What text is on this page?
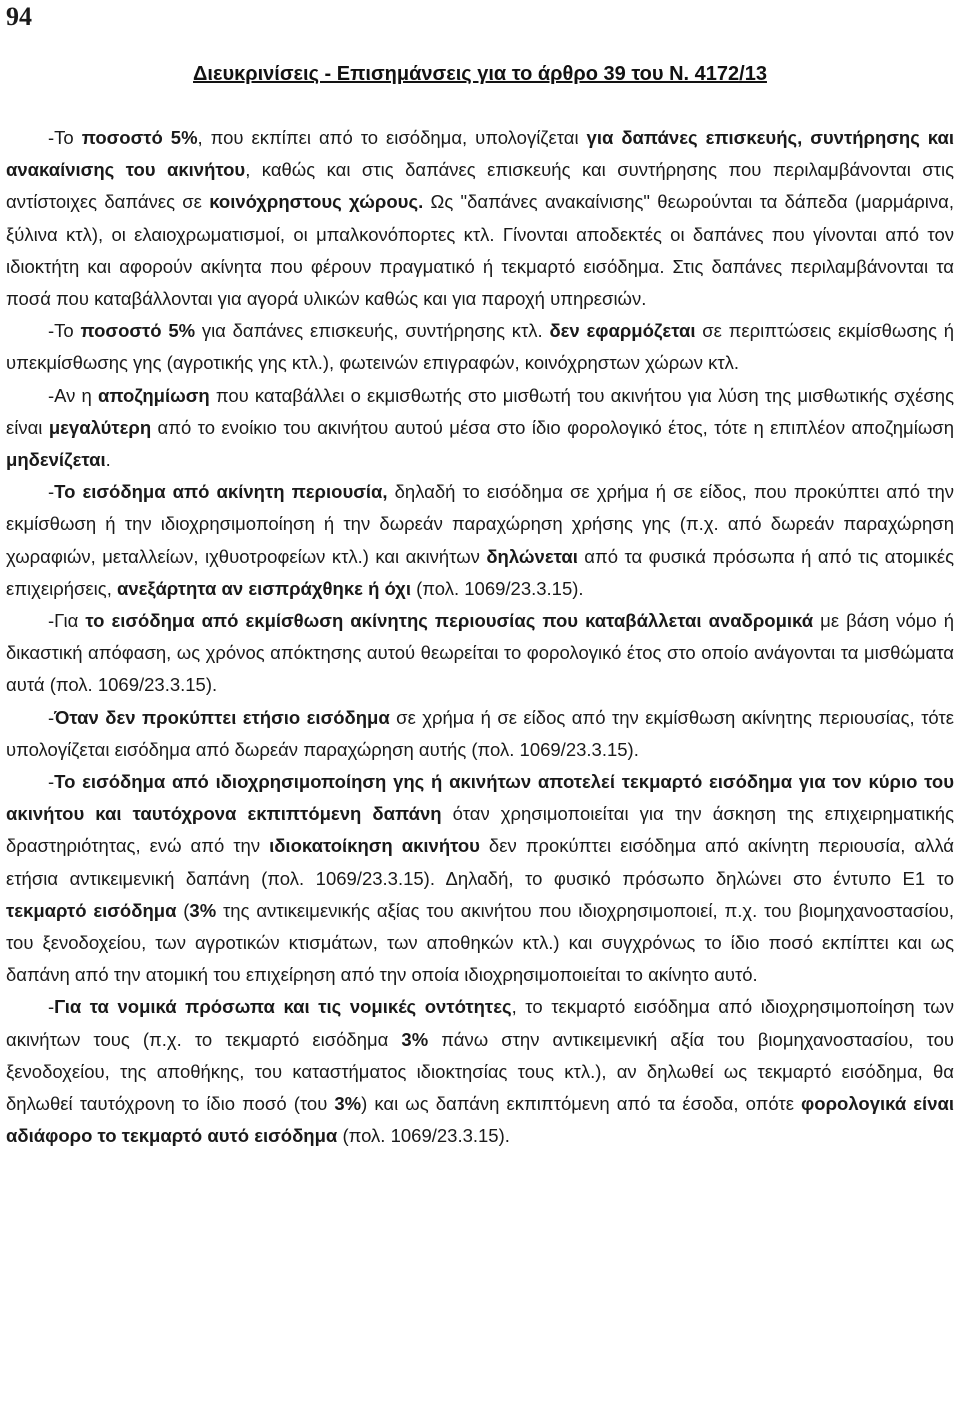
94
Διευκρινίσεις - Επισημάνσεις για το άρθρο 39 του Ν. 4172/13

-Το ποσοστό 5%, που εκπίπει από το εισόδημα, υπολογίζεται για δαπάνες επισκευής, συντήρησης και ανακαίνισης του ακινήτου, καθώς και στις δαπάνες επισκευής και συντήρησης που περιλαμβάνονται στις αντίστοιχες δαπάνες σε κοινόχρηστους χώρους. Ως "δαπάνες ανακαίνισης" θεωρούνται τα δάπεδα (μαρμάρινα, ξύλινα κτλ), οι ελαιοχρωματισμοί, οι μπαλκονόπορτες κτλ. Γίνονται αποδεκτές οι δαπάνες που γίνονται από τον ιδιοκτήτη και αφορούν ακίνητα που φέρουν πραγματικό ή τεκμαρτό εισόδημα. Στις δαπάνες περιλαμβάνονται τα ποσά που καταβάλλονται για αγορά υλικών καθώς και για παροχή υπηρεσιών.

-Το ποσοστό 5% για δαπάνες επισκευής, συντήρησης κτλ. δεν εφαρμόζεται σε περιπτώσεις εκμίσθωσης ή υπεκμίσθωσης γης (αγροτικής γης κτλ.), φωτεινών επιγραφών, κοινόχρηστων χώρων κτλ.

-Αν η αποζημίωση που καταβάλλει ο εκμισθωτής στο μισθωτή του ακινήτου για λύση της μισθωτικής σχέσης είναι μεγαλύτερη από το ενοίκιο του ακινήτου αυτού μέσα στο ίδιο φορολογικό έτος, τότε η επιπλέον αποζημίωση μηδενίζεται.

-Το εισόδημα από ακίνητη περιουσία, δηλαδή το εισόδημα σε χρήμα ή σε είδος, που προκύπτει από την εκμίσθωση ή την ιδιοχρησιμοποίηση ή την δωρεάν παραχώρηση χρήσης γης (π.χ. από δωρεάν παραχώρηση χωραφιών, μεταλλείων, ιχθυοτροφείων κτλ.) και ακινήτων δηλώνεται από τα φυσικά πρόσωπα ή από τις ατομικές επιχειρήσεις, ανεξάρτητα αν εισπράχθηκε ή όχι (πολ. 1069/23.3.15).

-Για το εισόδημα από εκμίσθωση ακίνητης περιουσίας που καταβάλλεται αναδρομικά με βάση νόμο ή δικαστική απόφαση, ως χρόνος απόκτησης αυτού θεωρείται το φορολογικό έτος στο οποίο ανάγονται τα μισθώματα αυτά (πολ. 1069/23.3.15).

-Όταν δεν προκύπτει ετήσιο εισόδημα σε χρήμα ή σε είδος από την εκμίσθωση ακίνητης περιουσίας, τότε υπολογίζεται εισόδημα από δωρεάν παραχώρηση αυτής (πολ. 1069/23.3.15).

-Το εισόδημα από ιδιοχρησιμοποίηση γης ή ακινήτων αποτελεί τεκμαρτό εισόδημα για τον κύριο του ακινήτου και ταυτόχρονα εκπιπτόμενη δαπάνη όταν χρησιμοποιείται για την άσκηση της επιχειρηματικής δραστηριότητας, ενώ από την ιδιοκατοίκηση ακινήτου δεν προκύπτει εισόδημα από ακίνητη περιουσία, αλλά ετήσια αντικειμενική δαπάνη (πολ. 1069/23.3.15). Δηλαδή, το φυσικό πρόσωπο δηλώνει στο έντυπο Ε1 το τεκμαρτό εισόδημα (3% της αντικειμενικής αξίας του ακινήτου που ιδιοχρησιμοποιεί, π.χ. του βιομηχανοστασίου, του ξενοδοχείου, των αγροτικών κτισμάτων, των αποθηκών κτλ.) και συγχρόνως το ίδιο ποσό εκπίπτει και ως δαπάνη από την ατομική του επιχείρηση από την οποία ιδιοχρησιμοποιείται το ακίνητο αυτό.

-Για τα νομικά πρόσωπα και τις νομικές οντότητες, το τεκμαρτό εισόδημα από ιδιοχρησιμοποίηση των ακινήτων τους (π.χ. το τεκμαρτό εισόδημα 3% πάνω στην αντικειμενική αξία του βιομηχανοστασίου, του ξενοδοχείου, της αποθήκης, του καταστήματος ιδιοκτησίας τους κτλ.), αν δηλωθεί ως τεκμαρτό εισόδημα, θα δηλωθεί ταυτόχρονη το ίδιο ποσό (του 3%) και ως δαπάνη εκπιπτόμενη από τα έσοδα, οπότε φορολογικά είναι αδιάφορο το τεκμαρτό αυτό εισόδημα (πολ. 1069/23.3.15).
